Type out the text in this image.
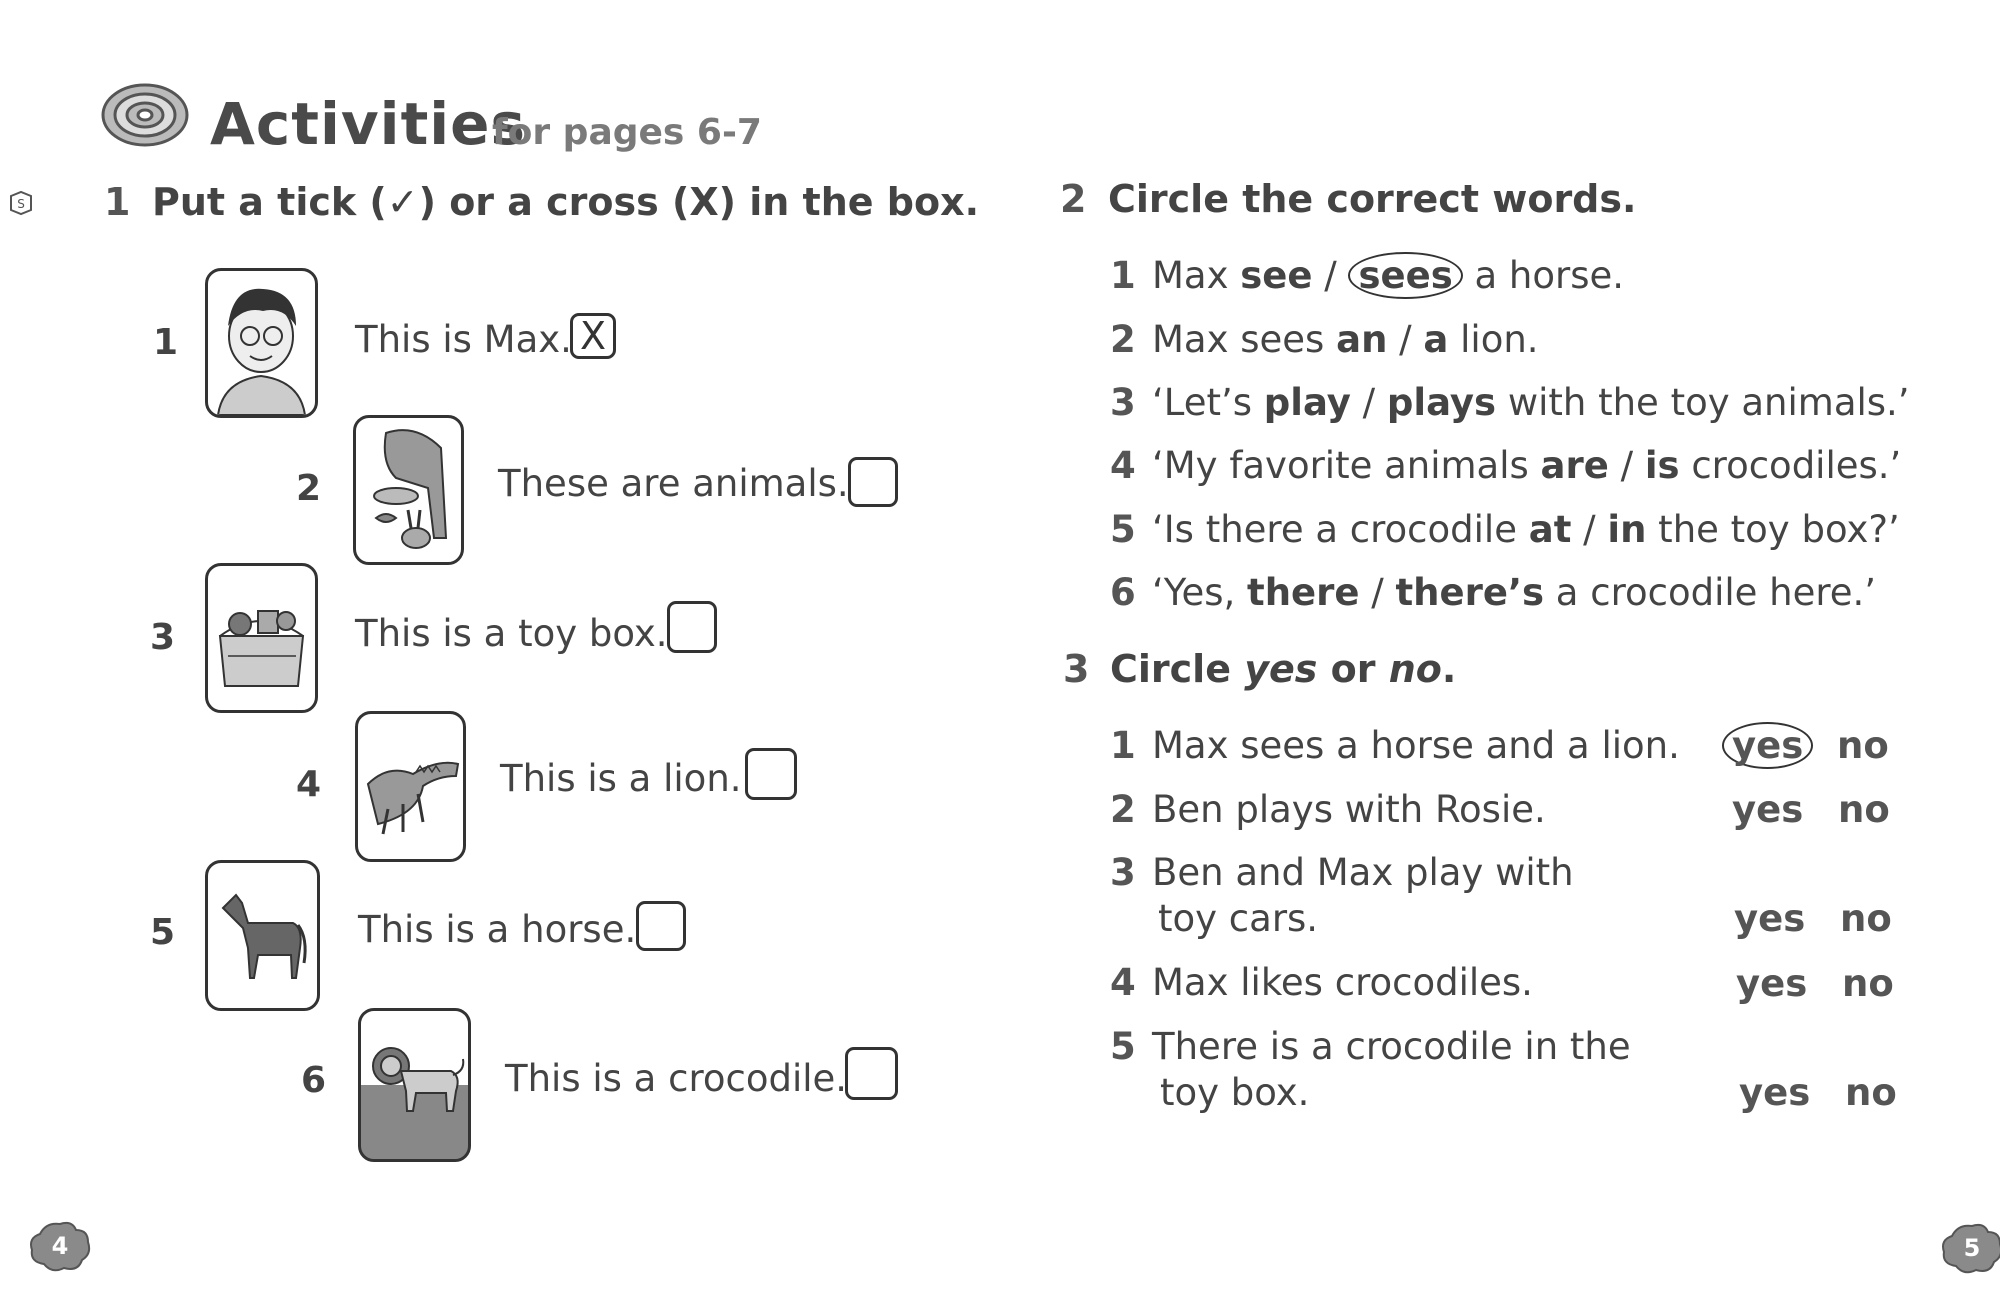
Activities
for pages 6-7
S 1 Put a tick (✓) or a cross (X) in the box.
1	This is Max. X
2	These are animals.
3	This is a toy box.
4	This is a lion.
5	This is a horse.
6	This is a crocodile.
2 Circle the correct words.
1 Max see / sees a horse.
2 Max sees an / a lion.
3 ‘Let’s play / plays with the toy animals.’
4 ‘My favorite animals are / is crocodiles.’
5 ‘Is there a crocodile at / in the toy box?’
6 ‘Yes, there / there’s a crocodile here.’
3 Circle yes or no.
1 Max sees a horse and a lion. yes no
2 Ben plays with Rosie.	yes no
3 Ben and Max play with
toy cars.	yes no
4 Max likes crocodiles.	yes no
5 There is a crocodile in the
toy box.	yes no
4	5
